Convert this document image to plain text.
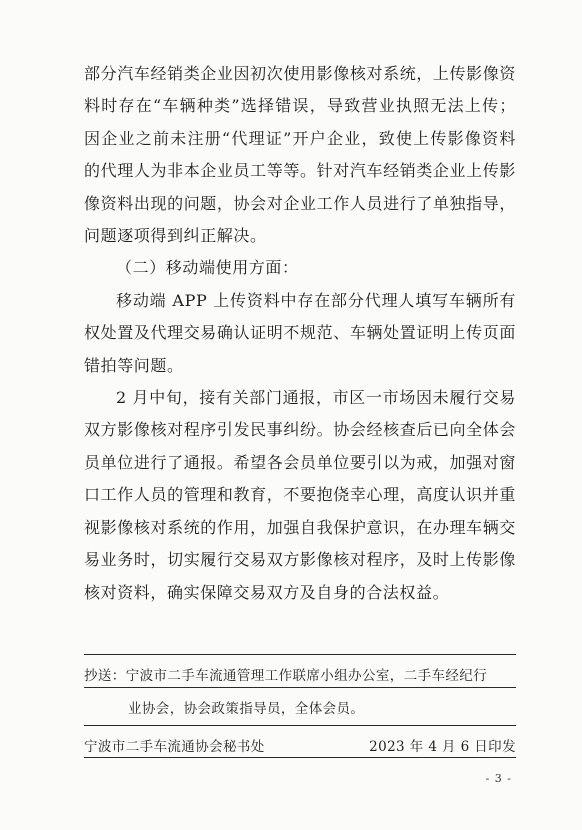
部分汽车经销类企业因初次使用影像核对系统，上传影像资料时存在“车辆种类”选择错误，导致营业执照无法上传；因企业之前未注册“代理证”开户企业，致使上传影像资料的代理人为非本企业员工等等。针对汽车经销类企业上传影像资料出现的问题，协会对企业工作人员进行了单独指导，问题逐项得到纠正解决。

（二）移动端使用方面：

移动端 APP 上传资料中存在部分代理人填写车辆所有权处置及代理交易确认证明不规范、车辆处置证明上传页面错拍等问题。

2 月中旬，接有关部门通报，市区一市场因未履行交易双方影像核对程序引发民事纠纷。协会经核查后已向全体会员单位进行了通报。希望各会员单位要引以为戒，加强对窗口工作人员的管理和教育，不要抱侥幸心理，高度认识并重视影像核对系统的作用，加强自我保护意识，在办理车辆交易业务时，切实履行交易双方影像核对程序，及时上传影像核对资料，确实保障交易双方及自身的合法权益。

抄送：宁波市二手车流通管理工作联席小组办公室，二手车经纪行
业协会，协会政策指导员，全体会员。
宁波市二手车流通协会秘书处	2023 年 4 月 6 日印发
- 3 -
